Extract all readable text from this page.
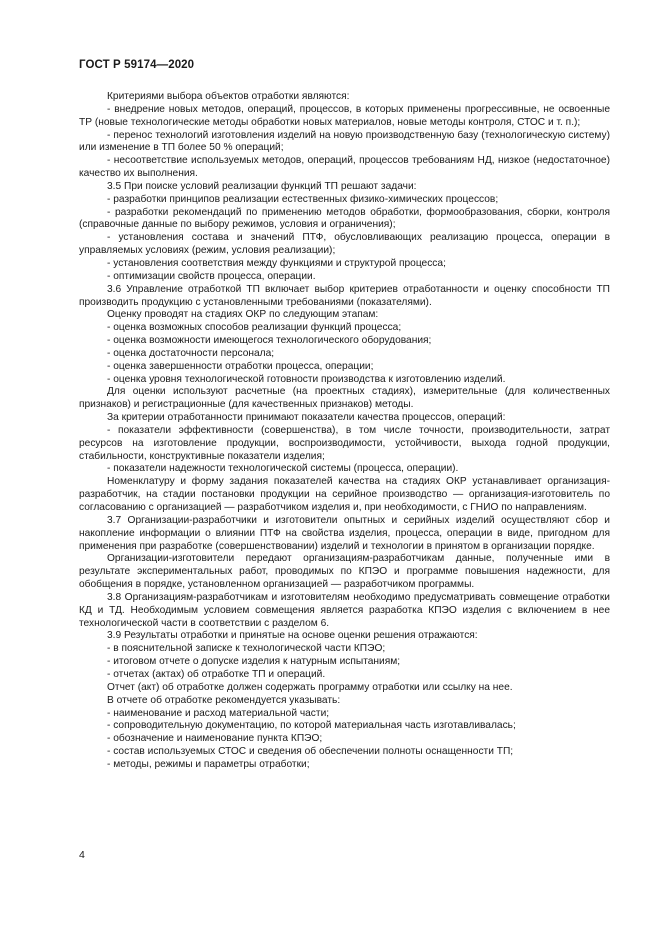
ГОСТ Р 59174—2020

Критериями выбора объектов отработки являются:

- внедрение новых методов, операций, процессов, в которых применены прогрессивные, не освоенные ТР (новые технологические методы обработки новых материалов, новые методы контроля, СТОС и т. п.);

- перенос технологий изготовления изделий на новую производственную базу (технологическую систему) или изменение в ТП более 50 % операций;

- несоответствие используемых методов, операций, процессов требованиям НД, низкое (недостаточное) качество их выполнения.

3.5 При поиске условий реализации функций ТП решают задачи:

- разработки принципов реализации естественных физико-химических процессов;

- разработки рекомендаций по применению методов обработки, формообразования, сборки, контроля (справочные данные по выбору режимов, условия и ограничения);

- установления состава и значений ПТФ, обусловливающих реализацию процесса, операции в управляемых условиях (режим, условия реализации);

- установления соответствия между функциями и структурой процесса;

- оптимизации свойств процесса, операции.

3.6 Управление отработкой ТП включает выбор критериев отработанности и оценку способности ТП производить продукцию с установленными требованиями (показателями).

Оценку проводят на стадиях ОКР по следующим этапам:

- оценка возможных способов реализации функций процесса;

- оценка возможности имеющегося технологического оборудования;

- оценка достаточности персонала;

- оценка завершенности отработки процесса, операции;

- оценка уровня технологической готовности производства к изготовлению изделий.

Для оценки используют расчетные (на проектных стадиях), измерительные (для количественных признаков) и регистрационные (для качественных признаков) методы.

За критерии отработанности принимают показатели качества процессов, операций:

- показатели эффективности (совершенства), в том числе точности, производительности, затрат ресурсов на изготовление продукции, воспроизводимости, устойчивости, выхода годной продукции, стабильности, конструктивные показатели изделия;

- показатели надежности технологической системы (процесса, операции).

Номенклатуру и форму задания показателей качества на стадиях ОКР устанавливает организация-разработчик, на стадии постановки продукции на серийное производство — организация-изготовитель по согласованию с организацией — разработчиком изделия и, при необходимости, с ГНИО по направлениям.

3.7 Организации-разработчики и изготовители опытных и серийных изделий осуществляют сбор и накопление информации о влиянии ПТФ на свойства изделия, процесса, операции в виде, пригодном для применения при разработке (совершенствовании) изделий и технологии в принятом в организации порядке.

Организации-изготовители передают организациям-разработчикам данные, полученные ими в результате экспериментальных работ, проводимых по КПЭО и программе повышения надежности, для обобщения в порядке, установленном организацией — разработчиком программы.

3.8 Организациям-разработчикам и изготовителям необходимо предусматривать совмещение отработки КД и ТД. Необходимым условием совмещения является разработка КПЭО изделия с включением в нее технологической части в соответствии с разделом 6.

3.9 Результаты отработки и принятые на основе оценки решения отражаются:

- в пояснительной записке к технологической части КПЭО;

- итоговом отчете о допуске изделия к натурным испытаниям;

- отчетах (актах) об отработке ТП и операций.

Отчет (акт) об отработке должен содержать программу отработки или ссылку на нее.

В отчете об отработке рекомендуется указывать:

- наименование и расход материальной части;

- сопроводительную документацию, по которой материальная часть изготавливалась;

- обозначение и наименование пункта КПЭО;

- состав используемых СТОС и сведения об обеспечении полноты оснащенности ТП;

- методы, режимы и параметры отработки;

4
